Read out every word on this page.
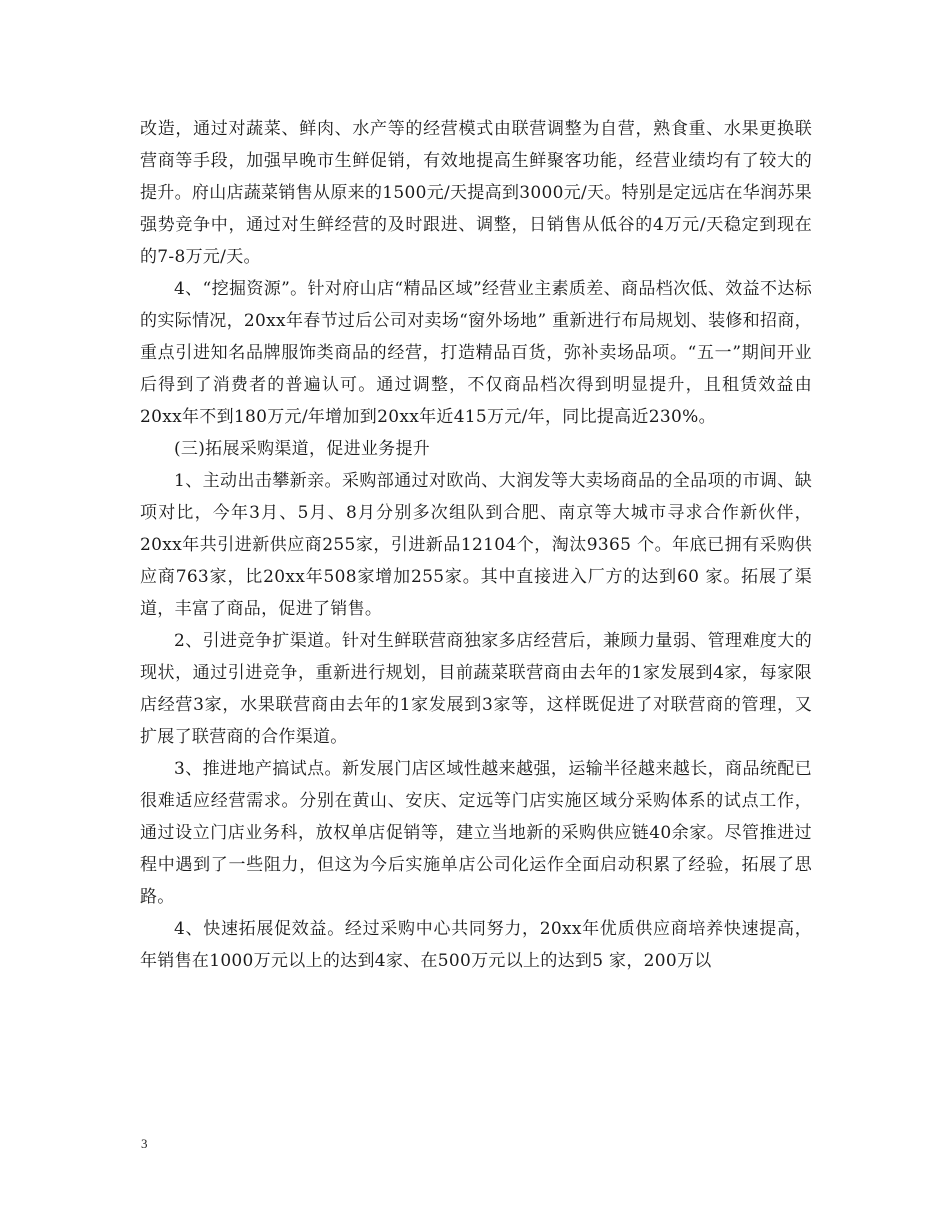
改造，通过对蔬菜、鲜肉、水产等的经营模式由联营调整为自营，熟食重、水果更换联营商等手段，加强早晚市生鲜促销，有效地提高生鲜聚客功能，经营业绩均有了较大的提升。府山店蔬菜销售从原来的1500元/天提高到3000元/天。特别是定远店在华润苏果强势竞争中，通过对生鲜经营的及时跟进、调整，日销售从低谷的4万元/天稳定到现在的7-8万元/天。

4、“挖掘资源”。针对府山店“精品区域”经营业主素质差、商品档次低、效益不达标的实际情况，20xx年春节过后公司对卖场“窗外场地” 重新进行布局规划、装修和招商，重点引进知名品牌服饰类商品的经营，打造精品百货，弥补卖场品项。“五一”期间开业后得到了消费者的普遍认可。通过调整，不仅商品档次得到明显提升，且租赁效益由20xx年不到180万元/年增加到20xx年近415万元/年，同比提高近230%。

(三)拓展采购渠道，促进业务提升

1、主动出击攀新亲。采购部通过对欧尚、大润发等大卖场商品的全品项的市调、缺项对比，今年3月、5月、8月分别多次组队到合肥、南京等大城市寻求合作新伙伴，20xx年共引进新供应商255家，引进新品12104个，淘汰9365 个。年底已拥有采购供应商763家，比20xx年508家增加255家。其中直接进入厂方的达到60 家。拓展了渠道，丰富了商品，促进了销售。

2、引进竞争扩渠道。针对生鲜联营商独家多店经营后，兼顾力量弱、管理难度大的现状，通过引进竞争，重新进行规划，目前蔬菜联营商由去年的1家发展到4家，每家限店经营3家，水果联营商由去年的1家发展到3家等，这样既促进了对联营商的管理，又扩展了联营商的合作渠道。

3、推进地产搞试点。新发展门店区域性越来越强，运输半径越来越长，商品统配已很难适应经营需求。分别在黄山、安庆、定远等门店实施区域分采购体系的试点工作，通过设立门店业务科，放权单店促销等，建立当地新的采购供应链40余家。尽管推进过程中遇到了一些阻力，但这为今后实施单店公司化运作全面启动积累了经验，拓展了思路。

4、快速拓展促效益。经过采购中心共同努力，20xx年优质供应商培养快速提高，年销售在1000万元以上的达到4家、在500万元以上的达到5 家，200万以

3
